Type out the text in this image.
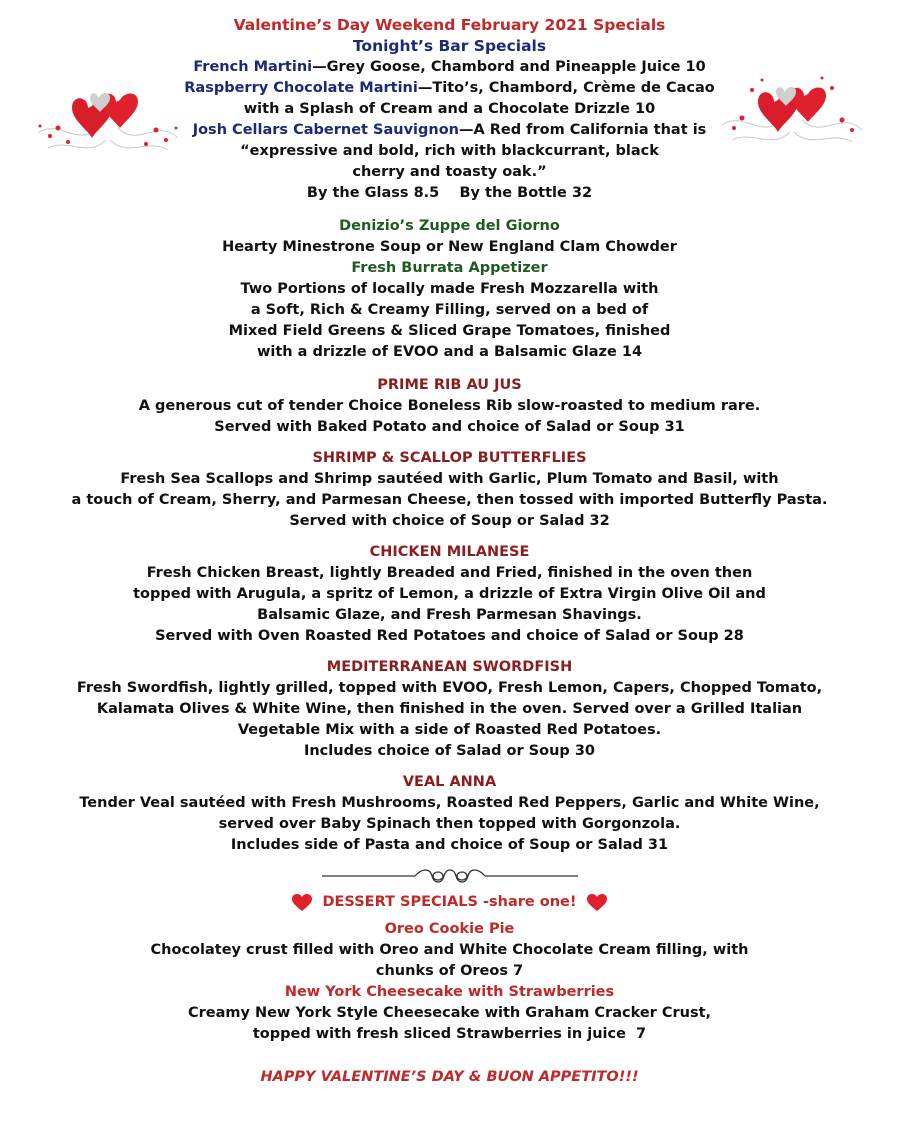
Valentine’s Day Weekend February 2021 Specials

Tonight’s Bar Specials

French Martini—Grey Goose, Chambord and Pineapple Juice 10

Raspberry Chocolate Martini—Tito’s, Chambord, Crème de Cacao

with a Splash of Cream and a Chocolate Drizzle 10

Josh Cellars Cabernet Sauvignon—A Red from California that is

“expressive and bold, rich with blackcurrant, black

cherry and toasty oak.”

By the Glass 8.5    By the Bottle 32

Denizio’s Zuppe del Giorno

Hearty Minestrone Soup or New England Clam Chowder

Fresh Burrata Appetizer

Two Portions of locally made Fresh Mozzarella with

a Soft, Rich & Creamy Filling, served on a bed of

Mixed Field Greens & Sliced Grape Tomatoes, finished

with a drizzle of EVOO and a Balsamic Glaze 14

PRIME RIB AU JUS

A generous cut of tender Choice Boneless Rib slow-roasted to medium rare.

Served with Baked Potato and choice of Salad or Soup 31

SHRIMP & SCALLOP BUTTERFLIES

Fresh Sea Scallops and Shrimp sautéed with Garlic, Plum Tomato and Basil, with

a touch of Cream, Sherry, and Parmesan Cheese, then tossed with imported Butterfly Pasta.

Served with choice of Soup or Salad 32

CHICKEN MILANESE

Fresh Chicken Breast, lightly Breaded and Fried, finished in the oven then

topped with Arugula, a spritz of Lemon, a drizzle of Extra Virgin Olive Oil and

Balsamic Glaze, and Fresh Parmesan Shavings.

Served with Oven Roasted Red Potatoes and choice of Salad or Soup 28

MEDITERRANEAN SWORDFISH

Fresh Swordfish, lightly grilled, topped with EVOO, Fresh Lemon, Capers, Chopped Tomato,

Kalamata Olives & White Wine, then finished in the oven. Served over a Grilled Italian

Vegetable Mix with a side of Roasted Red Potatoes.

Includes choice of Salad or Soup 30

VEAL ANNA

Tender Veal sautéed with Fresh Mushrooms, Roasted Red Peppers, Garlic and White Wine,

served over Baby Spinach then topped with Gorgonzola.

Includes side of Pasta and choice of Soup or Salad 31

DESSERT SPECIALS -share one!

Oreo Cookie Pie

Chocolatey crust filled with Oreo and White Chocolate Cream filling, with

chunks of Oreos 7

New York Cheesecake with Strawberries

Creamy New York Style Cheesecake with Graham Cracker Crust,

topped with fresh sliced Strawberries in juice  7

HAPPY VALENTINE’S DAY & BUON APPETITO!!!
